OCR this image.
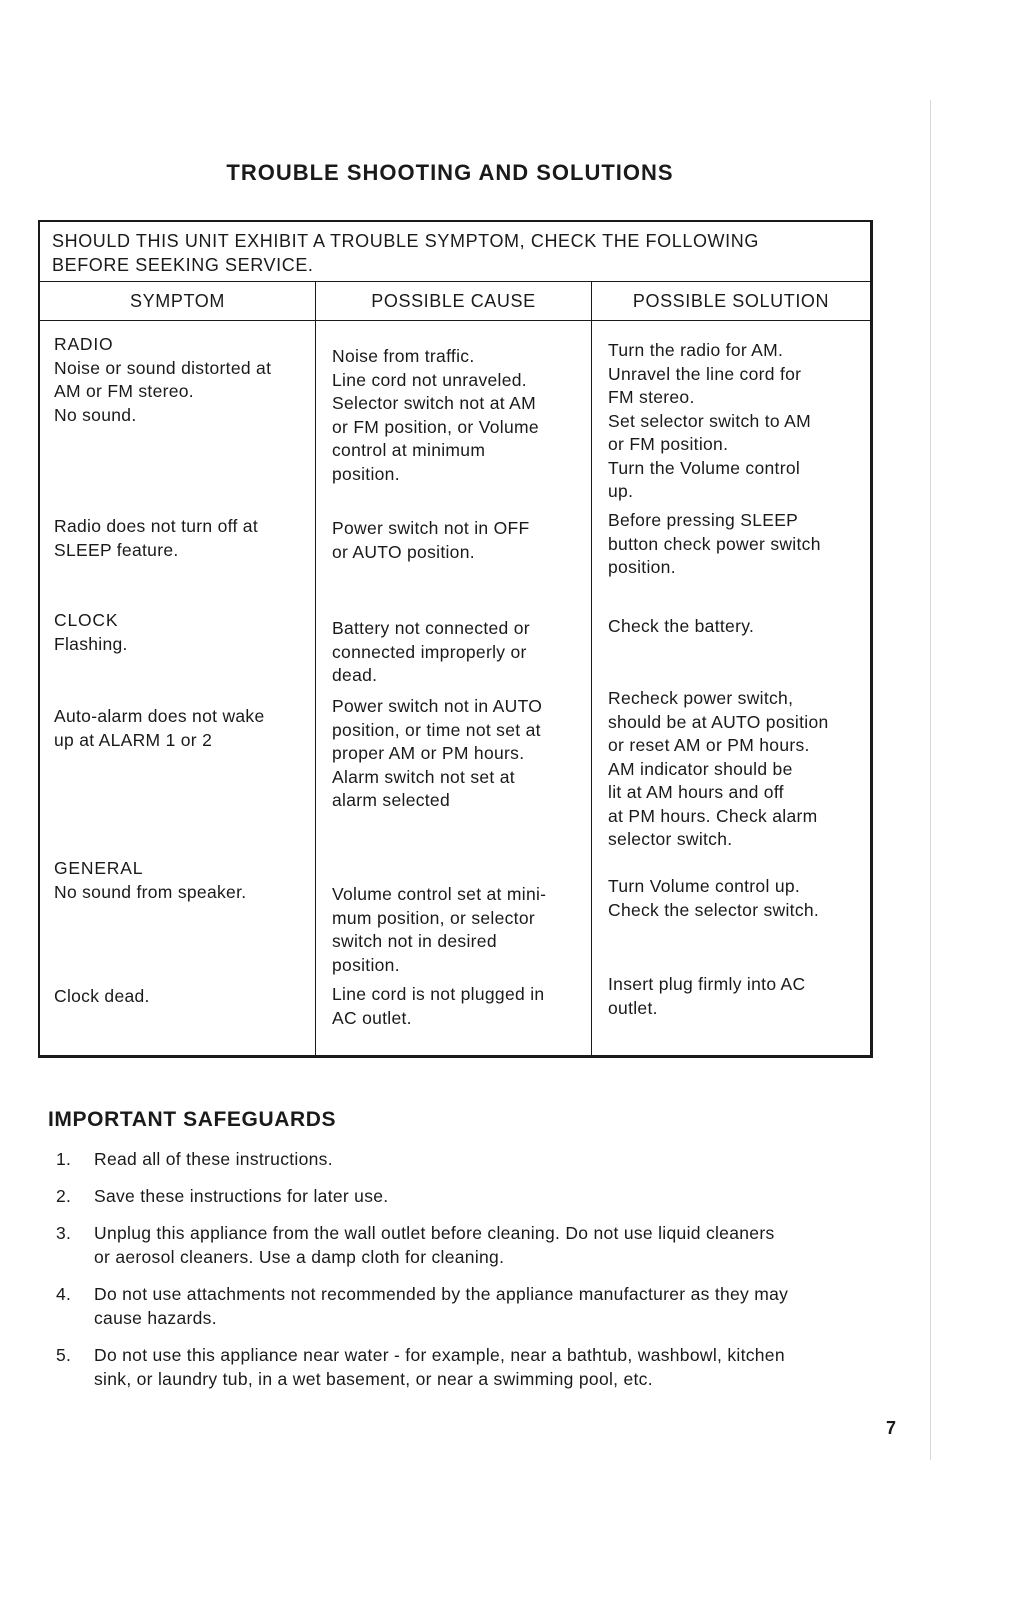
TROUBLE SHOOTING AND SOLUTIONS
SHOULD THIS UNIT EXHIBIT A TROUBLE SYMPTOM, CHECK THE FOLLOWING
BEFORE SEEKING SERVICE.
SYMPTOM
RADIO
Noise or sound distorted at
AM or FM stereo.
No sound.
Radio does not turn off at
SLEEP feature.
CLOCK
Flashing.
Auto-alarm does not wake
up at ALARM 1 or 2
GENERAL
No sound from speaker.
Clock dead.
POSSIBLE CAUSE
Noise from traffic.
Line cord not unraveled.
Selector switch not at AM
or FM position, or Volume
control at minimum
position.
Power switch not in OFF
or AUTO position.
Battery not connected or
connected improperly or
dead.
Power switch not in AUTO
position, or time not set at
proper AM or PM hours.
Alarm switch not set at
alarm selected
Volume control set at mini-
mum position, or selector
switch not in desired
position.
Line cord is not plugged in
AC outlet.
POSSIBLE SOLUTION
Turn the radio for AM.
Unravel the line cord for
FM stereo.
Set selector switch to AM
or FM position.
Turn the Volume control
up.
Before pressing SLEEP
button check power switch
position.
Check the battery.
Recheck power switch,
should be at AUTO position
or reset AM or PM hours.
AM indicator should be
lit at AM hours and off
at PM hours. Check alarm
selector switch.
Turn Volume control up.
Check the selector switch.
Insert plug firmly into AC
outlet.
IMPORTANT SAFEGUARDS
1. Read all of these instructions.
2. Save these instructions for later use.
3. Unplug this appliance from the wall outlet before cleaning. Do not use liquid cleaners
or aerosol cleaners. Use a damp cloth for cleaning.
4. Do not use attachments not recommended by the appliance manufacturer as they may
cause hazards.
5. Do not use this appliance near water - for example, near a bathtub, washbowl, kitchen
sink, or laundry tub, in a wet basement, or near a swimming pool, etc.
7
